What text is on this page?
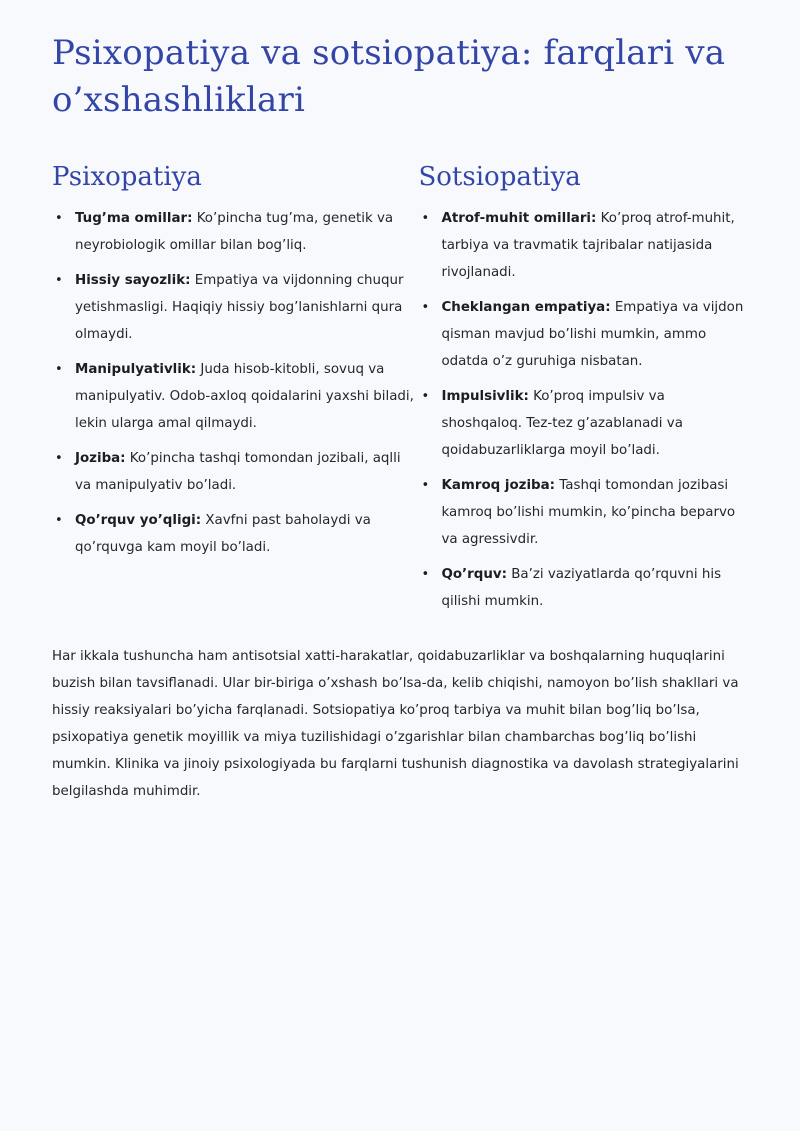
Psixopatiya va sotsiopatiya: farqlari va o’xshashliklari
Psixopatiya
• Tug’ma omillar: Ko’pincha tug’ma, genetik va neyrobiologik omillar bilan bog’liq.
• Hissiy sayozlik: Empatiya va vijdonning chuqur yetishmasligi. Haqiqiy hissiy bog’lanishlarni qura olmaydi.
• Manipulyativlik: Juda hisob-kitobli, sovuq va manipulyativ. Odob-axloq qoidalarini yaxshi biladi, lekin ularga amal qilmaydi.
• Joziba: Ko’pincha tashqi tomondan jozibali, aqlli va manipulyativ bo’ladi.
• Qo’rquv yo’qligi: Xavfni past baholaydi va qo’rquvga kam moyil bo’ladi.
Sotsiopatiya
• Atrof-muhit omillari: Ko’proq atrof-muhit, tarbiya va travmatik tajribalar natijasida rivojlanadi.
• Cheklangan empatiya: Empatiya va vijdon qisman mavjud bo’lishi mumkin, ammo odatda o’z guruhiga nisbatan.
• Impulsivlik: Ko’proq impulsiv va shoshqaloq. Tez-tez g’azablanadi va qoidabuzarliklarga moyil bo’ladi.
• Kamroq joziba: Tashqi tomondan jozibasi kamroq bo’lishi mumkin, ko’pincha beparvo va agressivdir.
• Qo’rquv: Ba’zi vaziyatlarda qo’rquvni his qilishi mumkin.

Har ikkala tushuncha ham antisotsial xatti-harakatlar, qoidabuzarliklar va boshqalarning huquqlarini buzish bilan tavsiflanadi. Ular bir-biriga o’xshash bo’lsa-da, kelib chiqishi, namoyon bo’lish shakllari va hissiy reaksiyalari bo’yicha farqlanadi. Sotsiopatiya ko’proq tarbiya va muhit bilan bog’liq bo’lsa, psixopatiya genetik moyillik va miya tuzilishidagi o’zgarishlar bilan chambarchas bog’liq bo’lishi mumkin. Klinika va jinoiy psixologiyada bu farqlarni tushunish diagnostika va davolash strategiyalarini belgilashda muhimdir.
